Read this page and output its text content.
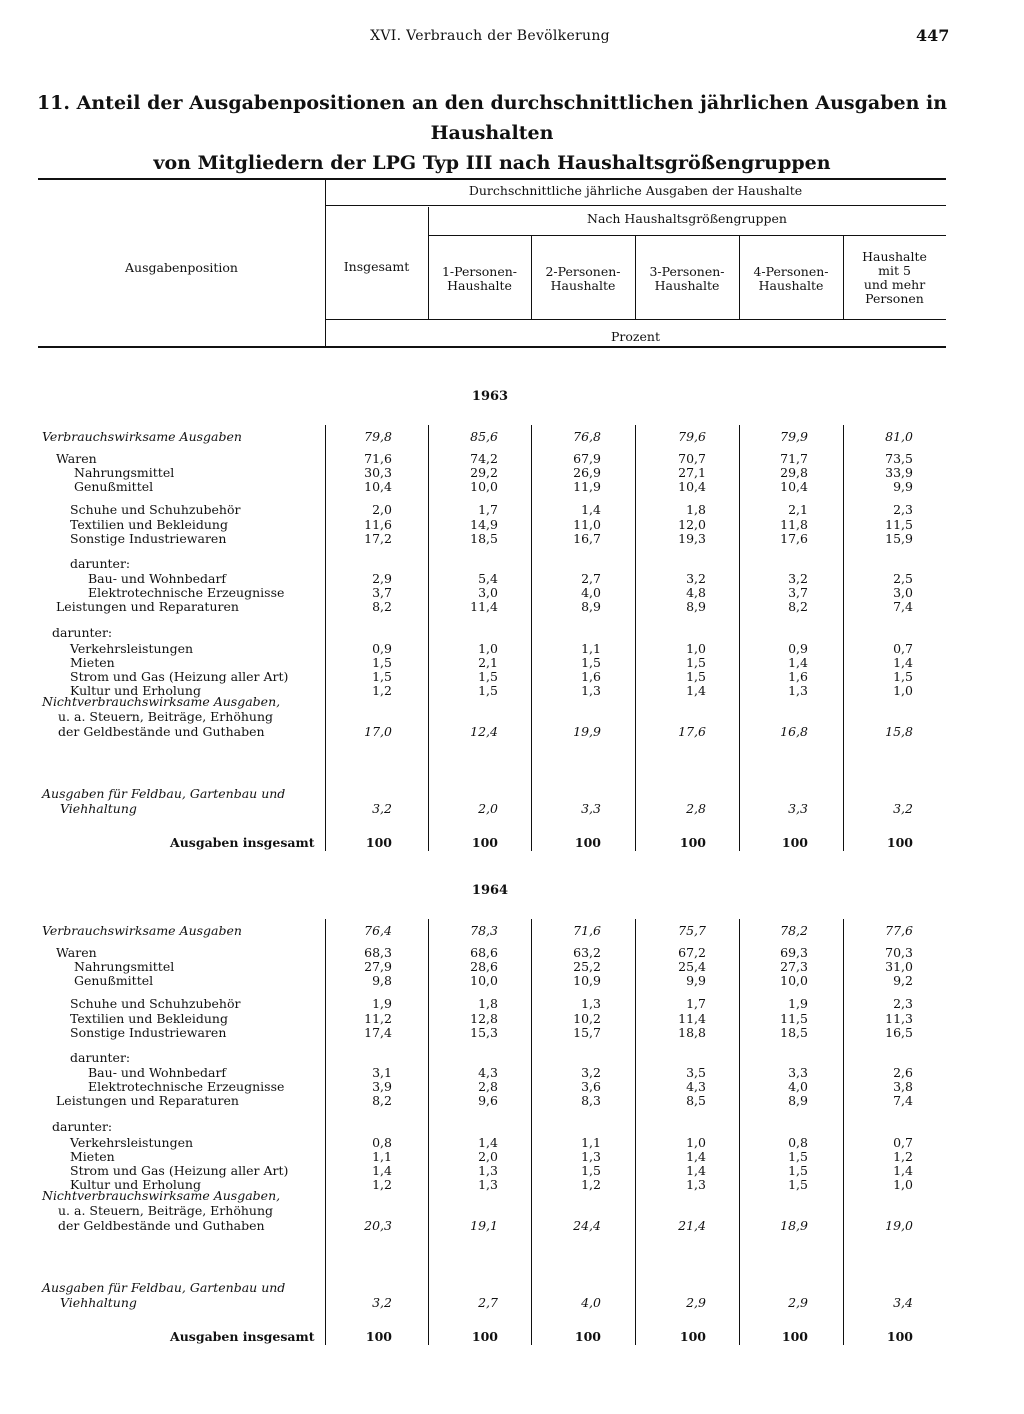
XVI. Verbrauch der Bevölkerung	447
11. Anteil der Ausgabenpositionen an den durchschnittlichen jährlichen Ausgaben in Haushalten
von Mitgliedern der LPG Typ III nach Haushaltsgrößengruppen
Ausgabenposition
Durchschnittliche jährliche Ausgaben der Haushalte
Nach Haushaltsgrößengruppen
Prozent
Insgesamt	1-Personen-
Haushalte
2-Personen-
Haushalte
3-Personen-
Haushalte
4-Personen-
Haushalte
Haushalte
mit 5
und mehr
Personen
1963
Verbrauchswirksame Ausgaben	79,8	85,6	76,8	79,6	79,9	81,0
Waren	71,6	74,2	67,9	70,7	71,7	73,5
Nahrungsmittel	30,3	29,2	26,9	27,1	29,8	33,9
Genußmittel	10,4	10,0	11,9	10,4	10,4	9,9
Schuhe und Schuhzubehör	2,0	1,7	1,4	1,8	2,1	2,3
Textilien und Bekleidung	11,6	14,9	11,0	12,0	11,8	11,5
Sonstige Industriewaren	17,2	18,5	16,7	19,3	17,6	15,9
darunter:
Bau- und Wohnbedarf	2,9	5,4	2,7	3,2	3,2	2,5
Elektrotechnische Erzeugnisse	3,7	3,0	4,0	4,8	3,7	3,0
Leistungen und Reparaturen	8,2	11,4	8,9	8,9	8,2	7,4
darunter:
Verkehrsleistungen	0,9	1,0	1,1	1,0	0,9	0,7
Mieten	1,5	2,1	1,5	1,5	1,4	1,4
Strom und Gas (Heizung aller Art)	1,5	1,5	1,6	1,5	1,6	1,5
Kultur und Erholung	1,2	1,5	1,3	1,4	1,3	1,0
Nichtverbrauchswirksame Ausgaben,
u. a. Steuern, Beiträge, Erhöhung
der Geldbestände und Guthaben	17,0	12,4	19,9	17,6	16,8	15,8
Ausgaben für Feldbau, Gartenbau und
Viehhaltung	3,2	2,0	3,3	2,8	3,3	3,2
Ausgaben insgesamt	100	100	100	100	100	100
1964
Verbrauchswirksame Ausgaben	76,4	78,3	71,6	75,7	78,2	77,6
Waren	68,3	68,6	63,2	67,2	69,3	70,3
Nahrungsmittel	27,9	28,6	25,2	25,4	27,3	31,0
Genußmittel	9,8	10,0	10,9	9,9	10,0	9,2
Schuhe und Schuhzubehör	1,9	1,8	1,3	1,7	1,9	2,3
Textilien und Bekleidung	11,2	12,8	10,2	11,4	11,5	11,3
Sonstige Industriewaren	17,4	15,3	15,7	18,8	18,5	16,5
darunter:
Bau- und Wohnbedarf	3,1	4,3	3,2	3,5	3,3	2,6
Elektrotechnische Erzeugnisse	3,9	2,8	3,6	4,3	4,0	3,8
Leistungen und Reparaturen	8,2	9,6	8,3	8,5	8,9	7,4
darunter:
Verkehrsleistungen	0,8	1,4	1,1	1,0	0,8	0,7
Mieten	1,1	2,0	1,3	1,4	1,5	1,2
Strom und Gas (Heizung aller Art)	1,4	1,3	1,5	1,4	1,5	1,4
Kultur und Erholung	1,2	1,3	1,2	1,3	1,5	1,0
Nichtverbrauchswirksame Ausgaben,
u. a. Steuern, Beiträge, Erhöhung
der Geldbestände und Guthaben	20,3	19,1	24,4	21,4	18,9	19,0
Ausgaben für Feldbau, Gartenbau und
Viehhaltung	3,2	2,7	4,0	2,9	2,9	3,4
Ausgaben insgesamt	100	100	100	100	100	100
